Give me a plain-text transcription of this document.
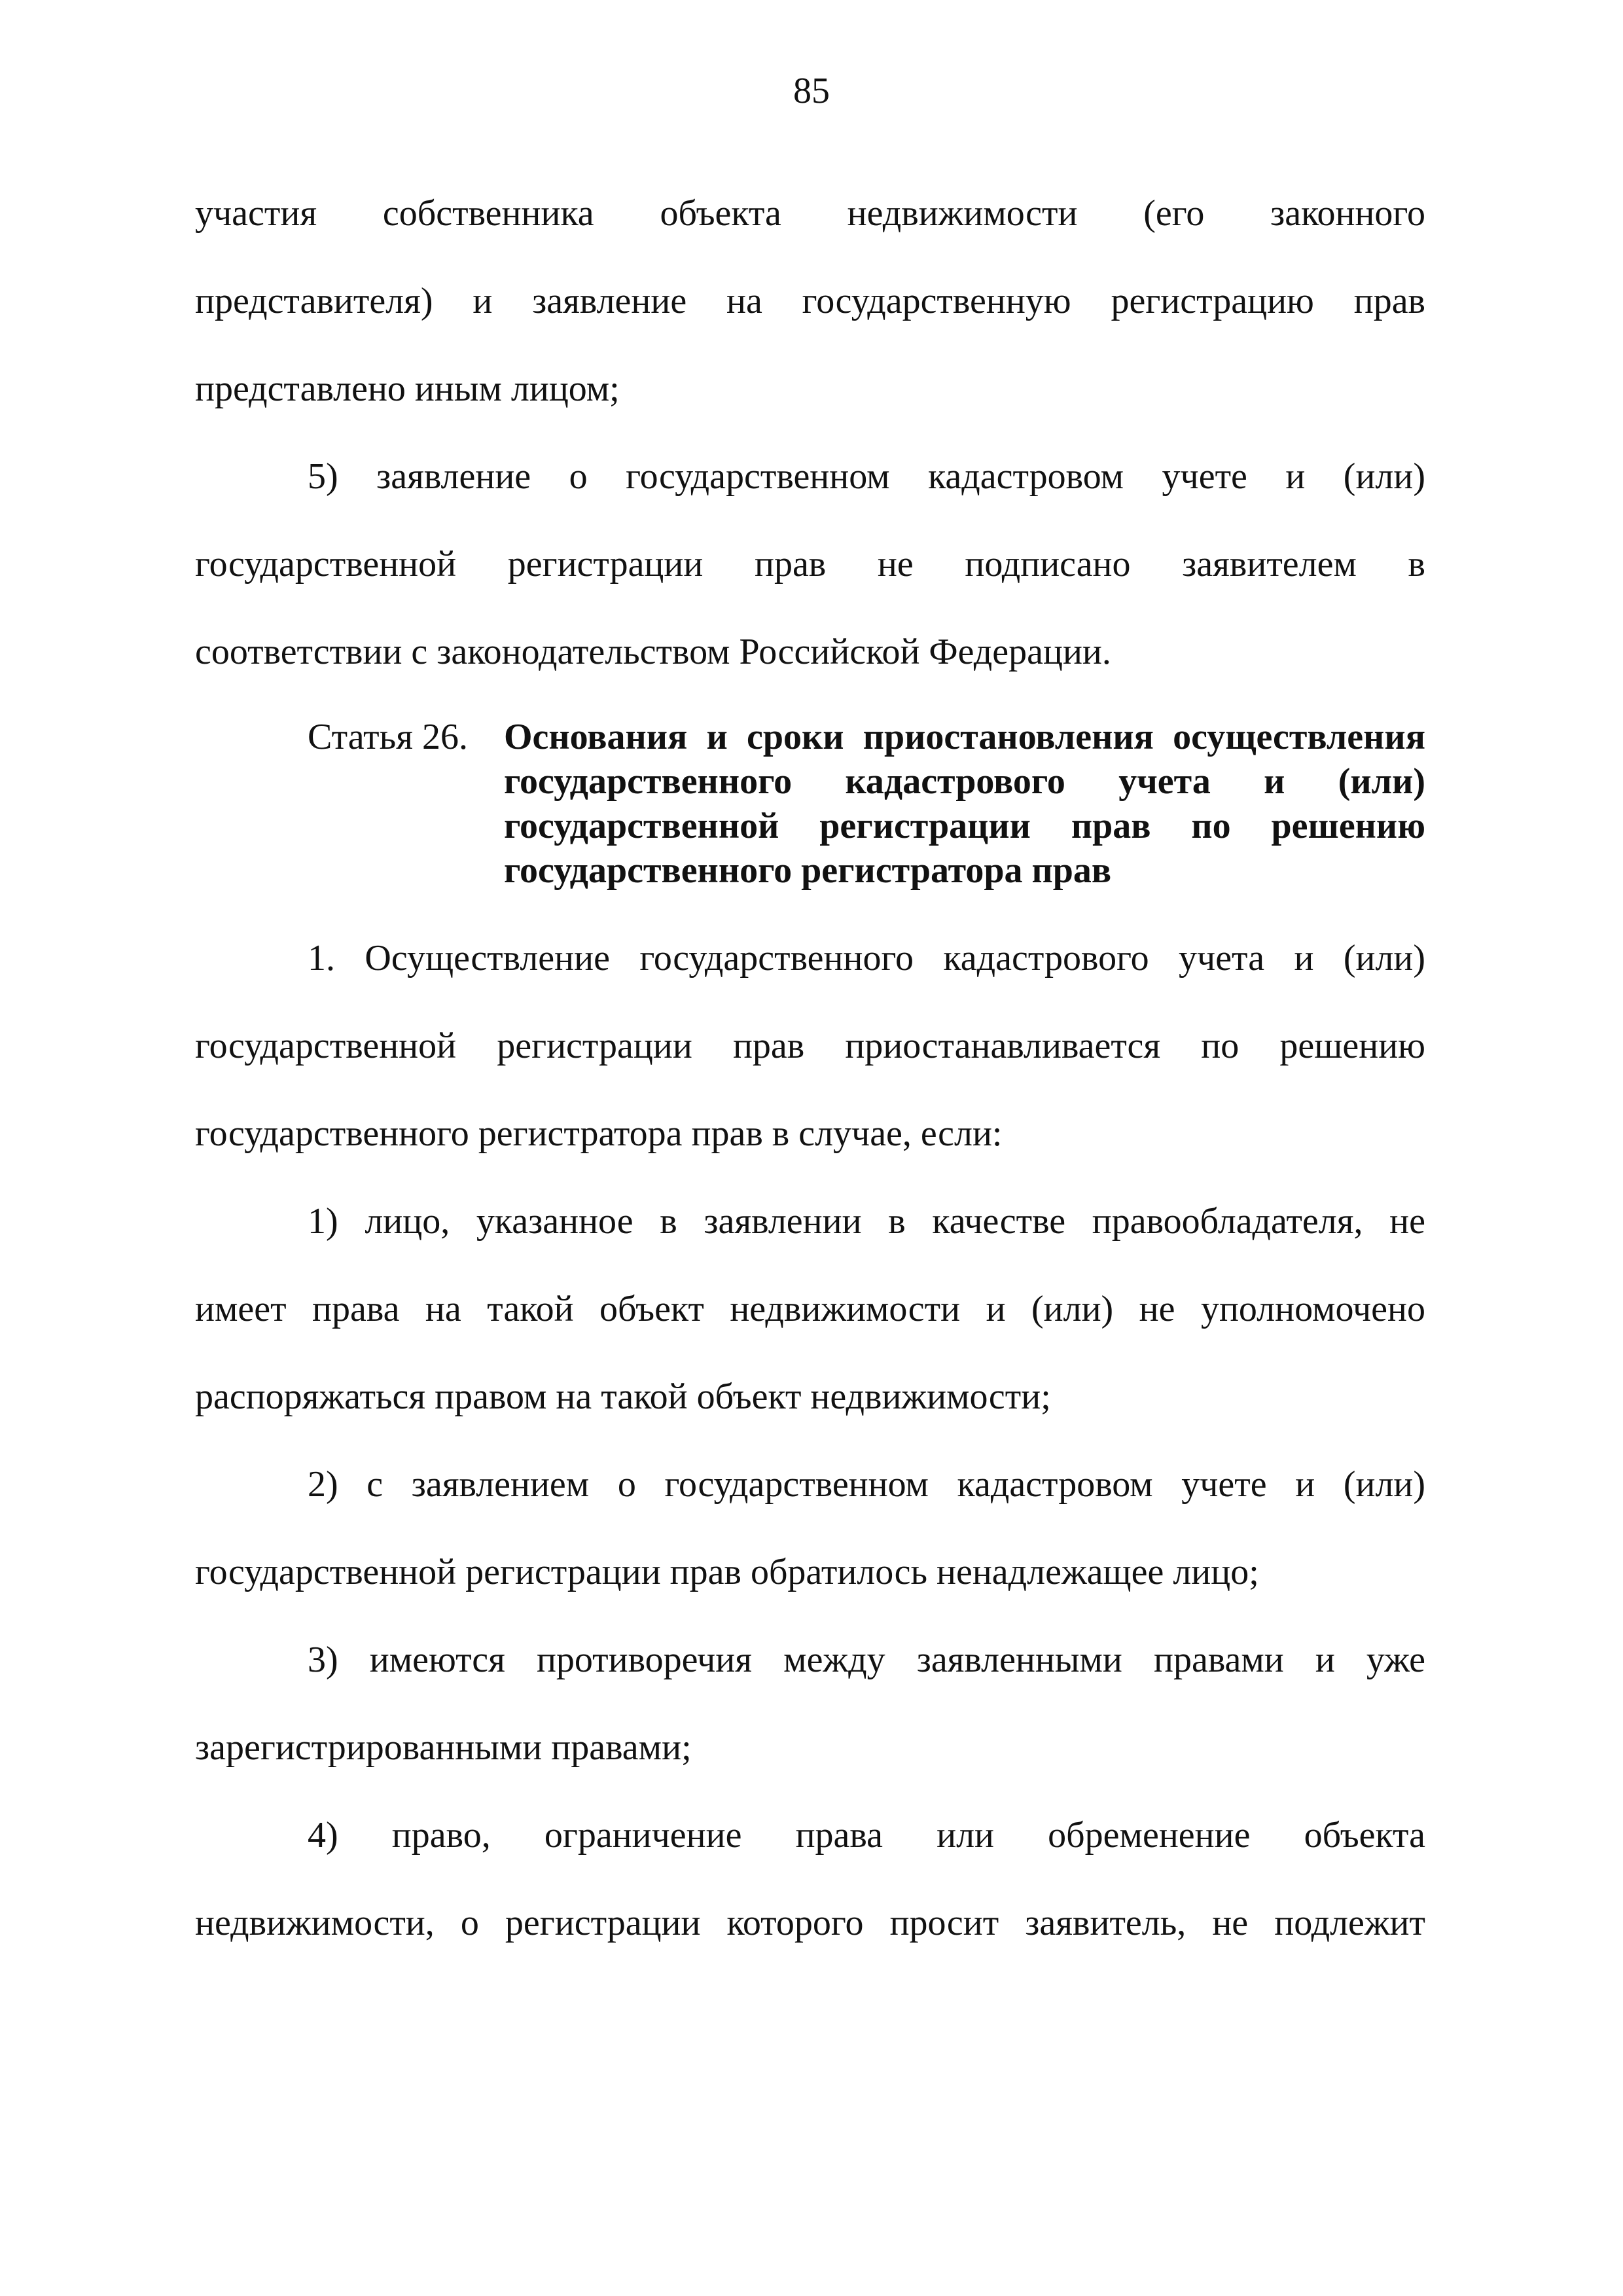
85
участия собственника объекта недвижимости (его законного
представителя) и заявление на государственную регистрацию прав
представлено иным лицом;
5) заявление о государственном кадастровом учете и (или)
государственной регистрации прав не подписано заявителем в
соответствии с законодательством Российской Федерации.
Статья 26. Основания и сроки приостановления осуществления
государственного кадастрового учета и (или)
государственной регистрации прав по решению
государственного регистратора прав
1. Осуществление государственного кадастрового учета и (или)
государственной регистрации прав приостанавливается по решению
государственного регистратора прав в случае, если:
1) лицо, указанное в заявлении в качестве правообладателя, не
имеет права на такой объект недвижимости и (или) не уполномочено
распоряжаться правом на такой объект недвижимости;
2) с заявлением о государственном кадастровом учете и (или)
государственной регистрации прав обратилось ненадлежащее лицо;
3) имеются противоречия между заявленными правами и уже
зарегистрированными правами;
4) право, ограничение права или обременение объекта
недвижимости, о регистрации которого просит заявитель, не подлежит
